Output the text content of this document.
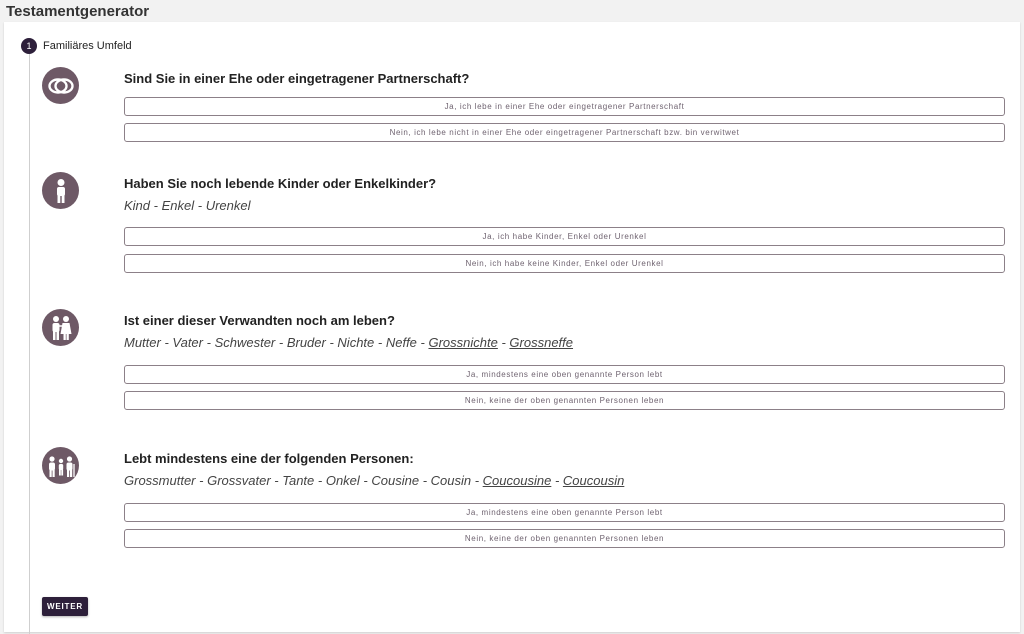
Testamentgenerator
1	Familiäres Umfeld
Sind Sie in einer Ehe oder eingetragener Partnerschaft?
Ja, ich lebe in einer Ehe oder eingetragener Partnerschaft
Nein, ich lebe nicht in einer Ehe oder eingetragener Partnerschaft bzw. bin verwitwet
Haben Sie noch lebende Kinder oder Enkelkinder?
Kind - Enkel - Urenkel
Ja, ich habe Kinder, Enkel oder Urenkel
Nein, ich habe keine Kinder, Enkel oder Urenkel
Ist einer dieser Verwandten noch am leben?
Mutter - Vater - Schwester - Bruder - Nichte - Neffe - Grossnichte - Grossneffe
Ja, mindestens eine oben genannte Person lebt
Nein, keine der oben genannten Personen leben
Lebt mindestens eine der folgenden Personen:
Grossmutter - Grossvater - Tante - Onkel - Cousine - Cousin - Coucousine - Coucousin
Ja, mindestens eine oben genannte Person lebt
Nein, keine der oben genannten Personen leben
WEITER
